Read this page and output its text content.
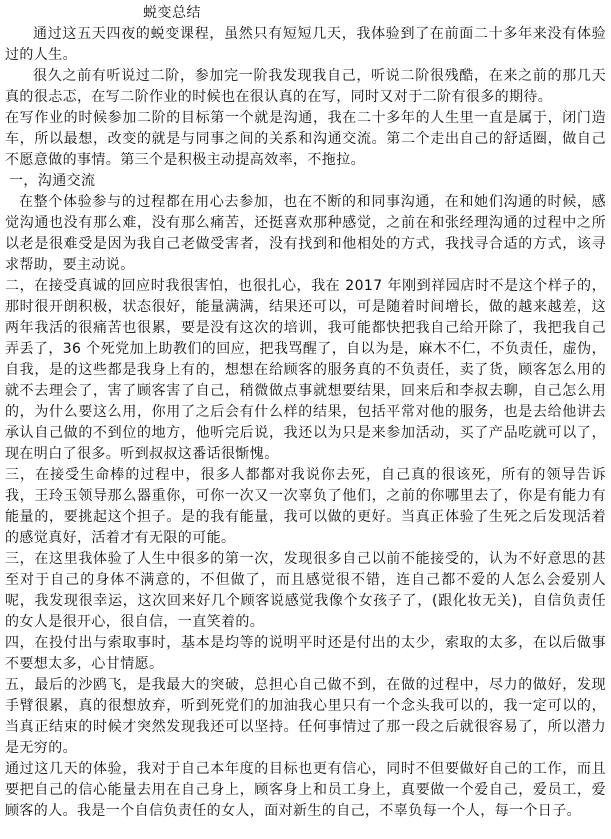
蜕变总结

通过这五天四夜的蜕变课程，虽然只有短短几天，我体验到了在前面二十多年来没有体验过的人生。

很久之前有听说过二阶，参加完一阶我发现我自己，听说二阶很残酷，在来之前的那几天真的很忐忑，在写二阶作业的时候也在很认真的在写，同时又对于二阶有很多的期待。

在写作业的时候参加二阶的目标第一个就是沟通，我在二十多年的人生里一直是属于，闭门造车，所以最想，改变的就是与同事之间的关系和沟通交流。第二个走出自己的舒适圈，做自己不愿意做的事情。第三个是积极主动提高效率，不拖拉。

一，沟通交流

在整个体验参与的过程都在用心去参加，也在不断的和同事沟通，在和她们沟通的时候，感觉沟通也没有那么难，没有那么痛苦，还挺喜欢那种感觉，之前在和张经理沟通的过程中之所以老是很难受是因为我自己老做受害者，没有找到和他相处的方式，我找寻合适的方式，该寻求帮助，要主动说。

二，在接受真诚的回应时我很害怕，也很扎心，我在 2017 年刚到祥园店时不是这个样子的，那时很开朗积极，状态很好，能量满满，结果还可以，可是随着时间增长，做的越来越差，这两年我活的很痛苦也很累，要是没有这次的培训，我可能都快把我自己给开除了，我把我自己弄丢了，36 个死党加上助教们的回应，把我骂醒了，自以为是，麻木不仁，不负责任，虚伪，自我，是的这些都是我身上有的，想想在给顾客的服务真的不负责任，卖了货，顾客怎么用的就不去理会了，害了顾客害了自己，稍微做点事就想要结果，回来后和李叔去聊，自己怎么用的，为什么要这么用，你用了之后会有什么样的结果，包括平常对他的服务，也是去给他讲去承认自己做的不到位的地方，他听完后说，我还以为只是来参加活动，买了产品吃就可以了，现在明白了很多。听到叔叔这番话很惭愧。

三，在接受生命棒的过程中，很多人都都对我说你去死，自己真的很该死，所有的领导告诉我，王玲玉领导那么器重你，可你一次又一次辜负了他们，之前的你哪里去了，你是有能力有能量的，要挑起这个担子。是的我有能量，我可以做的更好。当真正体验了生死之后发现活着的感觉真好，活着才有无限的可能。

三，在这里我体验了人生中很多的第一次，发现很多自己以前不能接受的，认为不好意思的甚至对于自己的身体不满意的，不但做了，而且感觉很不错，连自己都不爱的人怎么会爱别人呢，我发现很幸运，这次回来好几个顾客说感觉我像个女孩子了，(跟化妆无关)，自信负责任的女人是很开心，很自信，一直笑着的。

四，在投付出与索取事时，基本是均等的说明平时还是付出的太少，索取的太多，在以后做事不要想太多，心甘情愿。

五，最后的沙鸥飞，是我最大的突破，总担心自己做不到，在做的过程中，尽力的做好，发现手臂很累，真的很想放弃，听到死党们的加油我心里只有一个念头我可以的，我一定可以的，当真正结束的时候才突然发现我还可以坚持。任何事情过了那一段之后就很容易了，所以潜力是无穷的。

通过这几天的体验，我对于自己本年度的目标也更有信心，同时不但要做好自己的工作，而且要把自己的信心能量去用在自己身上，顾客身上和员工身上，真要做一个爱自己，爱员工，爱顾客的人。我是一个自信负责任的女人，面对新生的自己，不辜负每一个人，每一个日子。
